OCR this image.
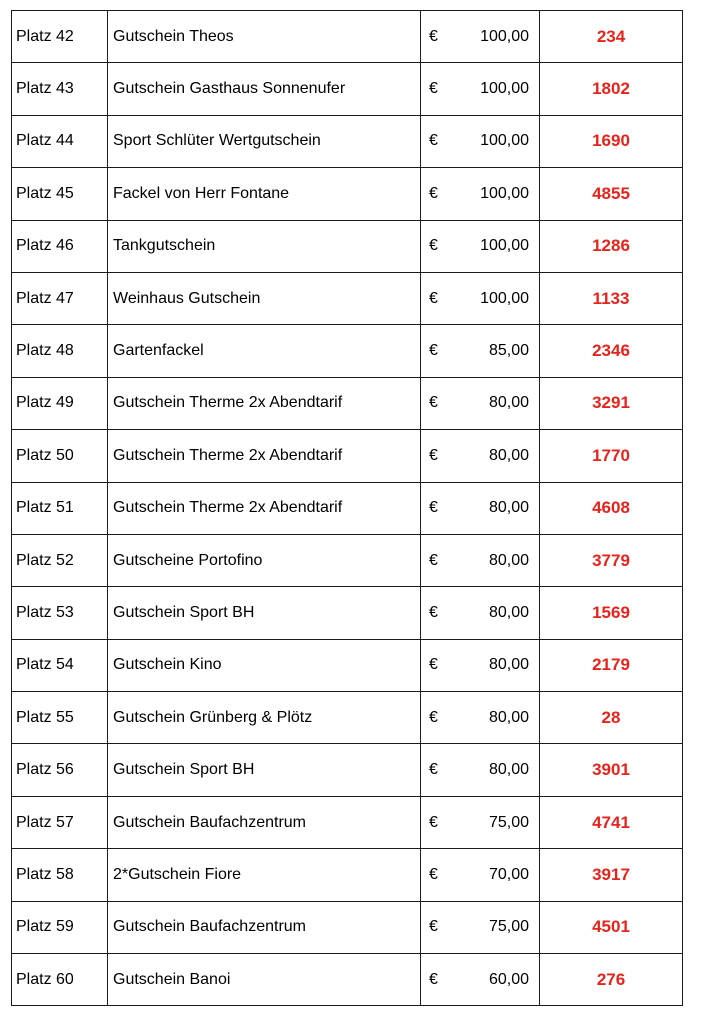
Platz 42	Gutschein Theos	€ 100,00	234
Platz 43	Gutschein Gasthaus Sonnenufer	€ 100,00	1802
Platz 44	Sport Schlüter Wertgutschein	€ 100,00	1690
Platz 45	Fackel von Herr Fontane	€ 100,00	4855
Platz 46	Tankgutschein	€ 100,00	1286
Platz 47	Weinhaus Gutschein	€ 100,00	1133
Platz 48	Gartenfackel	€ 85,00	2346
Platz 49	Gutschein Therme 2x Abendtarif	€ 80,00	3291
Platz 50	Gutschein Therme 2x Abendtarif	€ 80,00	1770
Platz 51	Gutschein Therme 2x Abendtarif	€ 80,00	4608
Platz 52	Gutscheine Portofino	€ 80,00	3779
Platz 53	Gutschein Sport BH	€ 80,00	1569
Platz 54	Gutschein Kino	€ 80,00	2179
Platz 55	Gutschein Grünberg & Plötz	€ 80,00	28
Platz 56	Gutschein Sport BH	€ 80,00	3901
Platz 57	Gutschein Baufachzentrum	€ 75,00	4741
Platz 58	2*Gutschein Fiore	€ 70,00	3917
Platz 59	Gutschein Baufachzentrum	€ 75,00	4501
Platz 60	Gutschein Banoi	€ 60,00	276
